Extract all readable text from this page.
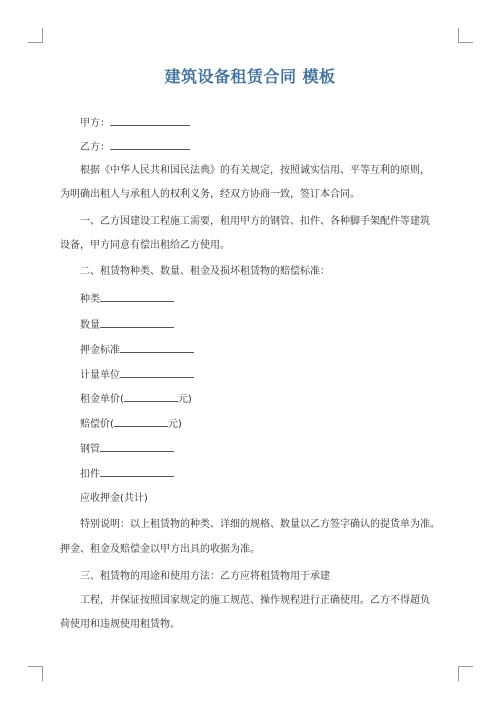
建筑设备租赁合同 模板
甲方：
乙方：
根据《中华人民共和国民法典》的有关规定，按照诚实信用、平等互利的原则，
为明确出租人与承租人的权利义务，经双方协商一致，签订本合同。
一、乙方因建设工程施工需要，租用甲方的钢管、扣件、各种脚手架配件等建筑
设备，甲方同意有偿出租给乙方使用。
二、租赁物种类、数量、租金及损坏租赁物的赔偿标准：
种类
数量
押金标准
计量单位
租金单价(	元)
赔偿价(	元)
钢管
扣件
应收押金(共计)
特别说明：以上租赁物的种类、详细的规格、数量以乙方签字确认的提货单为准。
押金、租金及赔偿金以甲方出具的收据为准。
三、租赁物的用途和使用方法：乙方应将租赁物用于承建
工程，并保证按照国家规定的施工规范、操作规程进行正确使用。乙方不得超负
荷使用和违规使用租赁物。
